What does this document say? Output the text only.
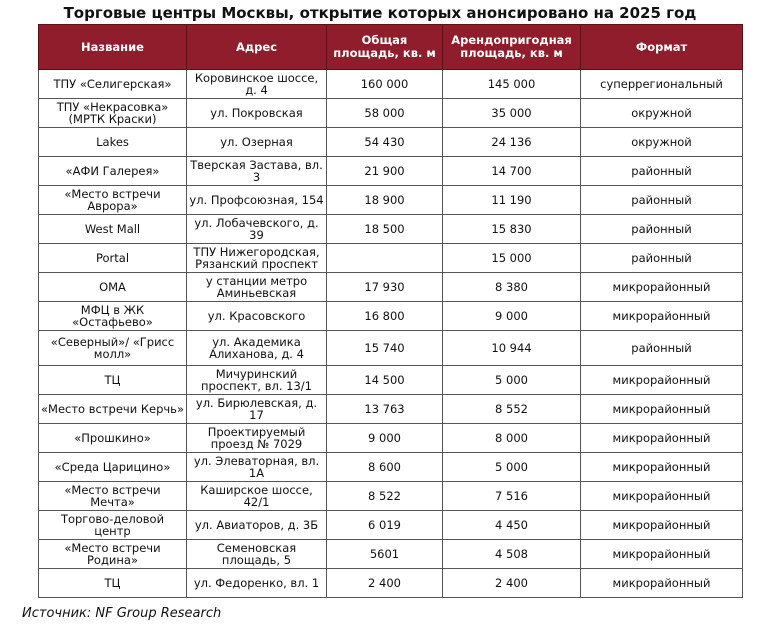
Торговые центры Москвы, открытие которых анонсировано на 2025 год
Название	Адрес	Общая площадь, кв. м	Арендопригодная площадь, кв. м	Формат
ТПУ «Селигерская»	Коровинское шоссе, д. 4	160 000	145 000	суперрегиональный
ТПУ «Некрасовка» (МРТК Краски)	ул. Покровская	58 000	35 000	окружной
Lakes	ул. Озерная	54 430	24 136	окружной
«АФИ Галерея»	Тверская Застава, вл. 3	21 900	14 700	районный
«Место встречи Аврора»	ул. Профсоюзная, 154	18 900	11 190	районный
West Mall	ул. Лобачевского, д. 39	18 500	15 830	районный
Portal	ТПУ Нижегородская, Рязанский проспект		15 000	районный
ОМА	у станции метро Аминьевская	17 930	8 380	микрорайонный
МФЦ в ЖК «Остафьево»	ул. Красовского	16 800	9 000	микрорайонный
«Северный»/ «Грисс молл»	ул. Академика Алиханова, д. 4	15 740	10 944	районный
ТЦ	Мичуринский проспект, вл. 13/1	14 500	5 000	микрорайонный
«Место встречи Керчь»	ул. Бирюлевская, д. 17	13 763	8 552	микрорайонный
«Прошкино»	Проектируемый проезд № 7029	9 000	8 000	микрорайонный
«Среда Царицино»	ул. Элеваторная, вл. 1А	8 600	5 000	микрорайонный
«Место встречи Мечта»	Каширское шоссе, 42/1	8 522	7 516	микрорайонный
Торгово-деловой центр	ул. Авиаторов, д. 3Б	6 019	4 450	микрорайонный
«Место встречи Родина»	Семеновская площадь, 5	5601	4 508	микрорайонный
ТЦ	ул. Федоренко, вл. 1	2 400	2 400	микрорайонный
Источник: NF Group Research
